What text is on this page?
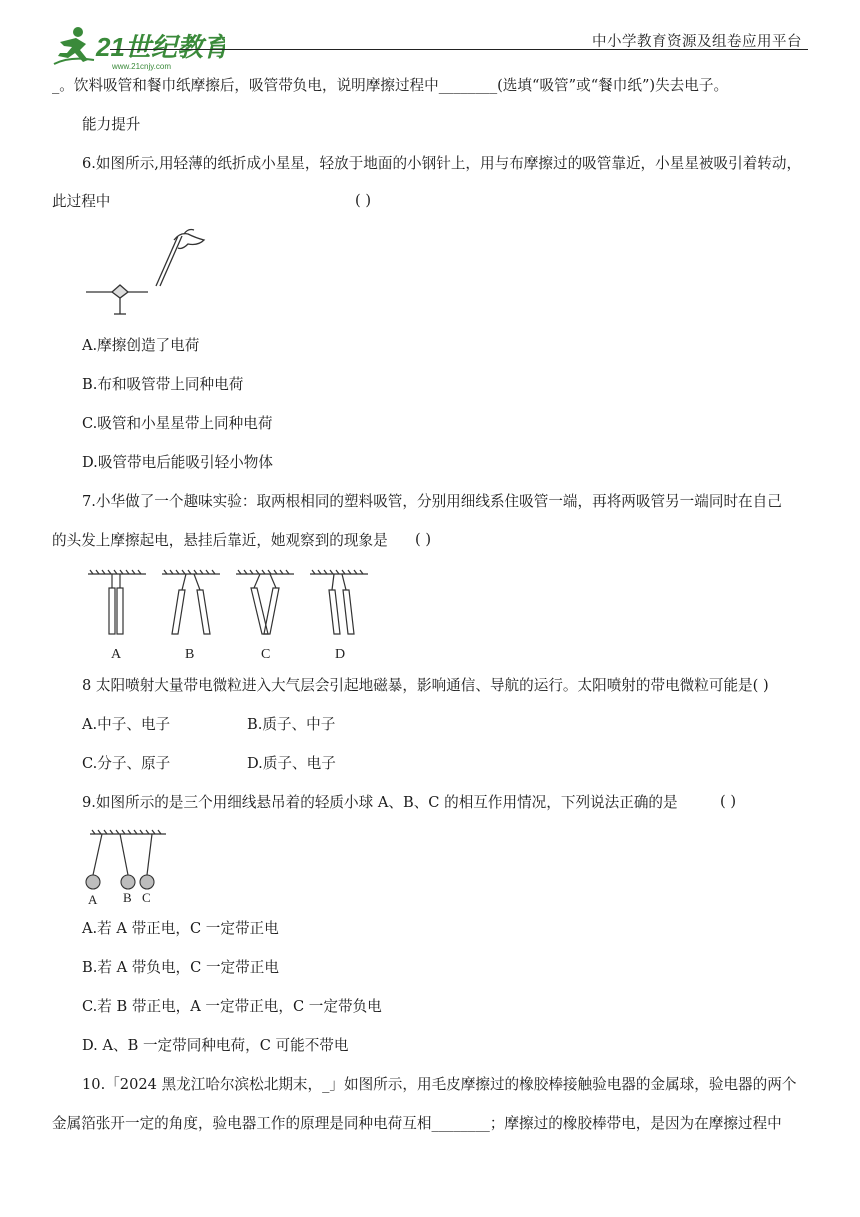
21世纪教育
www.21cnjy.com
中小学教育资源及组卷应用平台
_。饮料吸管和餐巾纸摩擦后，吸管带负电，说明摩擦过程中________(选填“吸管”或“餐巾纸”)失去电子。
能力提升
6.如图所示,用轻薄的纸折成小星星，轻放于地面的小钢针上，用与布摩擦过的吸管靠近，小星星被吸引着转动，
此过程中	( )
A.摩擦创造了电荷
B.布和吸管带上同种电荷
C.吸管和小星星带上同种电荷
D.吸管带电后能吸引轻小物体
7.小华做了一个趣味实验：取两根相同的塑料吸管，分别用细线系住吸管一端，再将两吸管另一端同时在自己
的头发上摩擦起电，悬挂后靠近，她观察到的现象是 ( )
A	B	C	D
8 太阳喷射大量带电微粒进入大气层会引起地磁暴，影响通信、导航的运行。太阳喷射的带电微粒可能是( )
A.中子、电子	B.质子、中子
C.分子、原子	D.质子、电子
9.如图所示的是三个用细线悬吊着的轻质小球 A、B、C 的相互作用情况，下列说法正确的是	( )
A B C
A.若 A 带正电，C 一定带正电
B.若 A 带负电，C 一定带正电
C.若 B 带正电，A 一定带正电，C 一定带负电
D. A、B 一定带同种电荷，C 可能不带电
10.「2024 黑龙江哈尔滨松北期末，_」如图所示，用毛皮摩擦过的橡胶棒接触验电器的金属球，验电器的两个
金属箔张开一定的角度，验电器工作的原理是同种电荷互相________；摩擦过的橡胶棒带电，是因为在摩擦过程中
